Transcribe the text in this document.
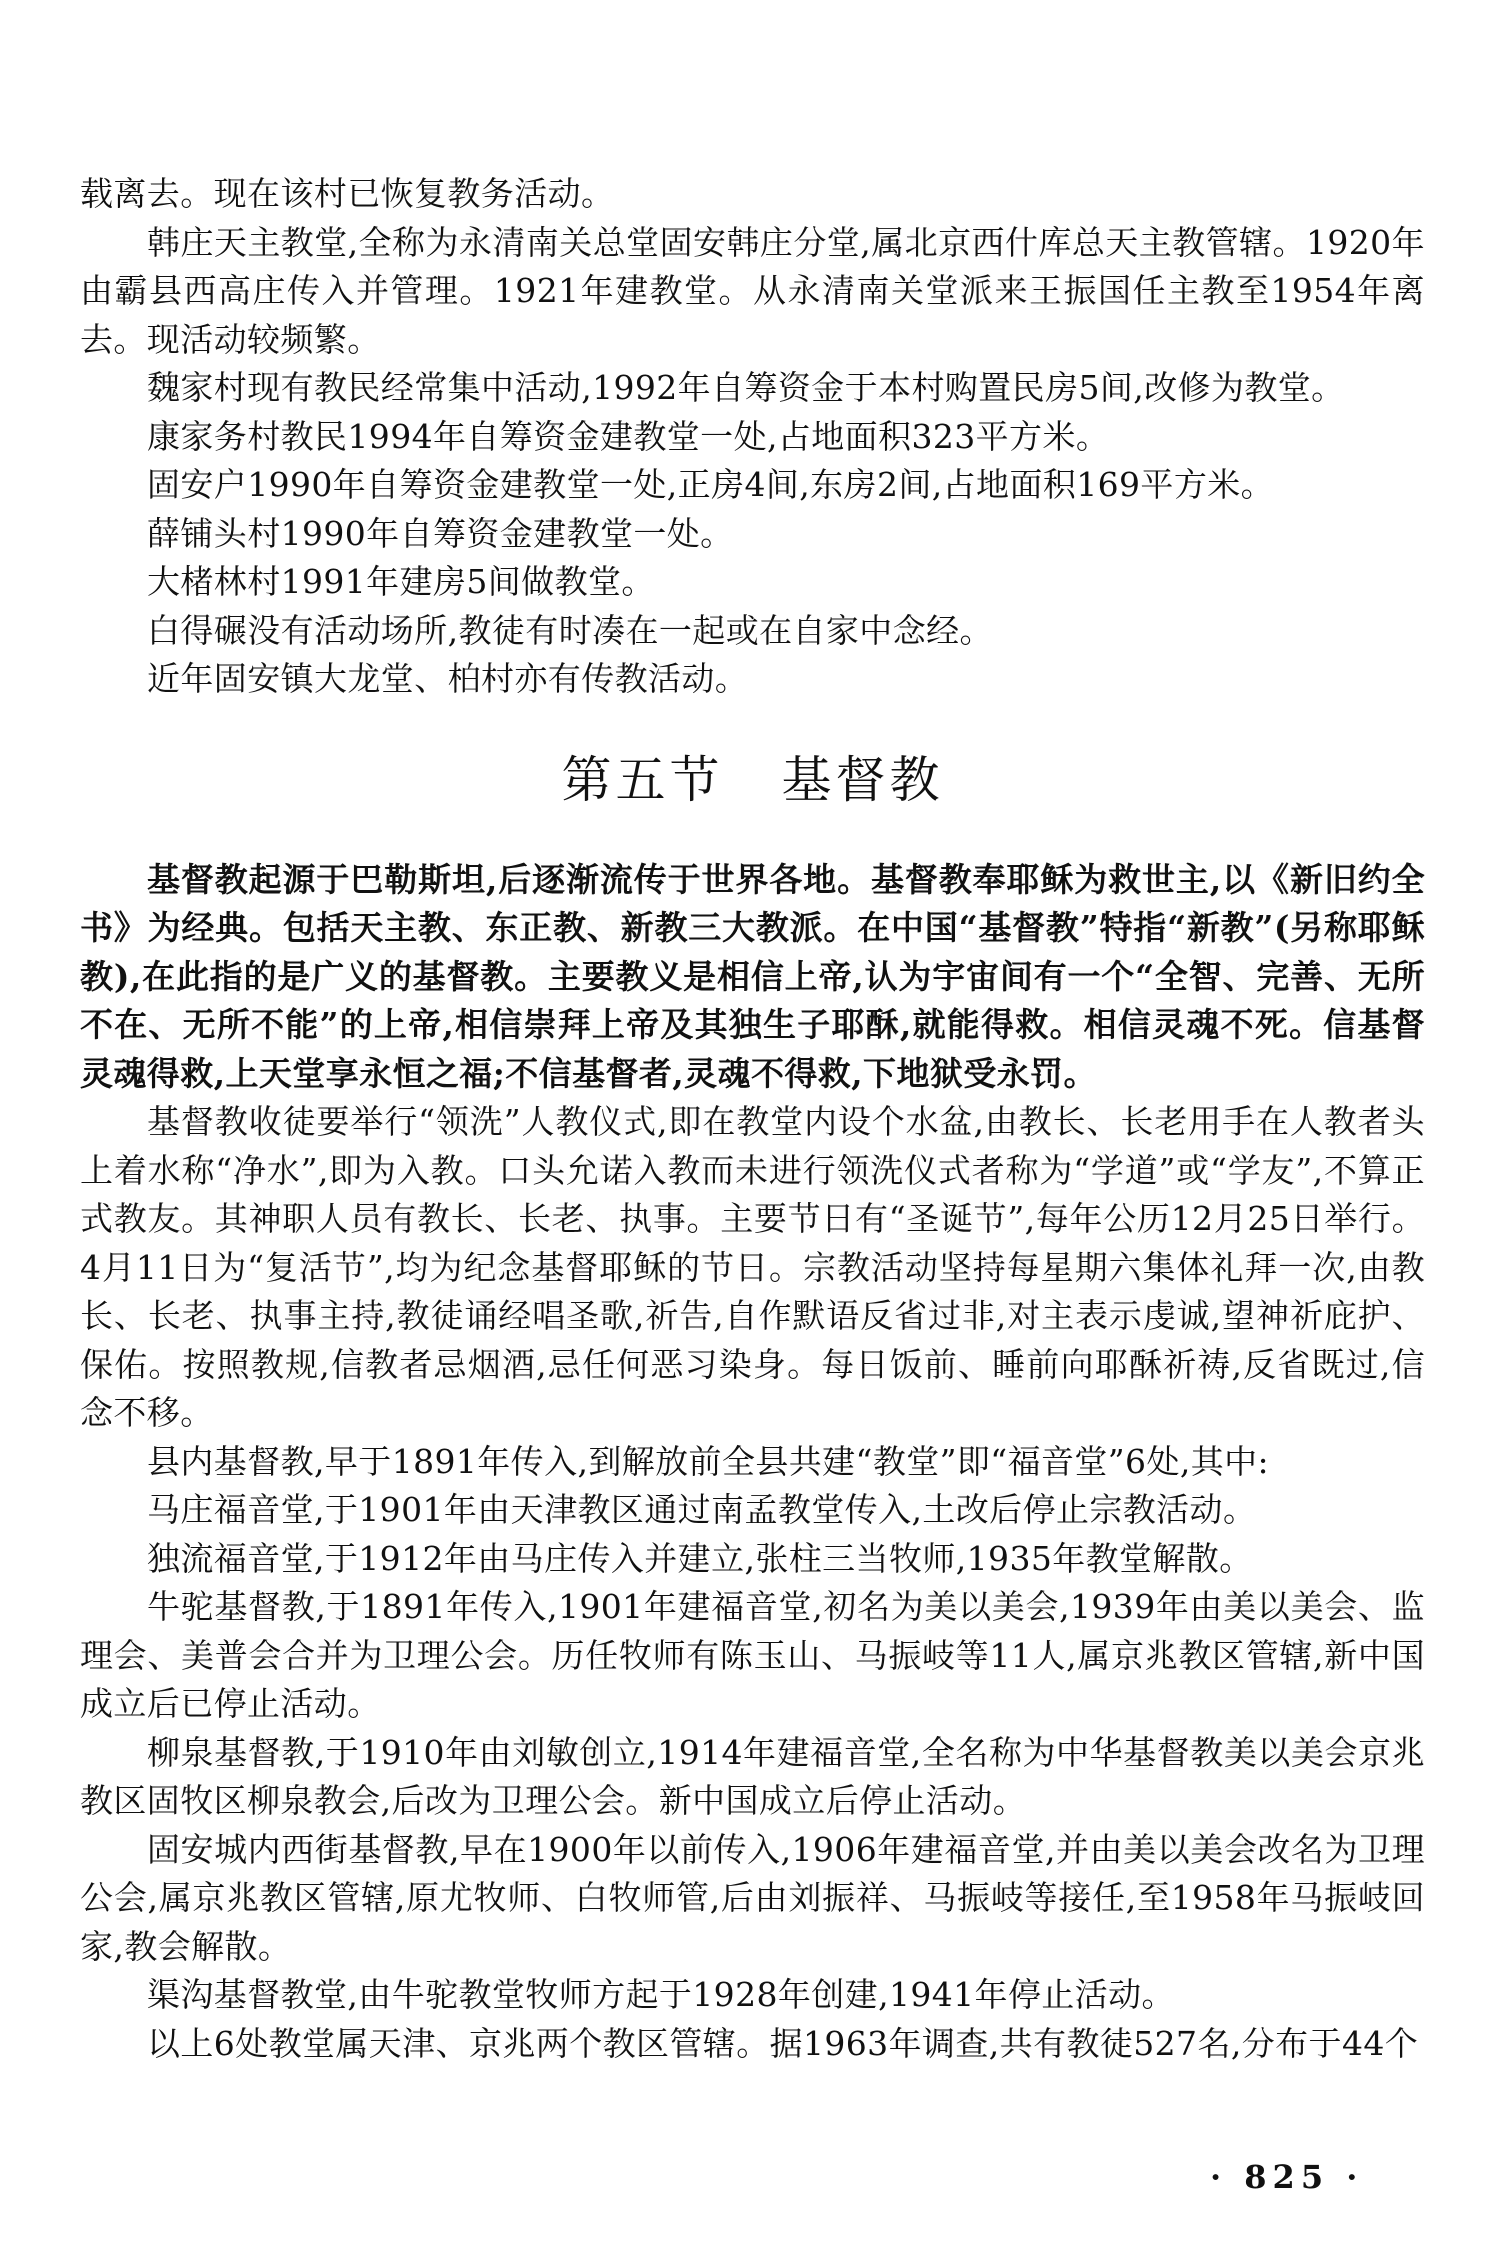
载离去。现在该村已恢复教务活动。

韩庄天主教堂,全称为永清南关总堂固安韩庄分堂,属北京西什库总天主教管辖。1920年由霸县西高庄传入并管理。1921年建教堂。从永清南关堂派来王振国任主教至1954年离去。现活动较频繁。

魏家村现有教民经常集中活动,1992年自筹资金于本村购置民房5间,改修为教堂。

康家务村教民1994年自筹资金建教堂一处,占地面积323平方米。

固安户1990年自筹资金建教堂一处,正房4间,东房2间,占地面积169平方米。

薛铺头村1990年自筹资金建教堂一处。

大楮林村1991年建房5间做教堂。

白得碾没有活动场所,教徒有时凑在一起或在自家中念经。

近年固安镇大龙堂、柏村亦有传教活动。

第五节 基督教

基督教起源于巴勒斯坦,后逐渐流传于世界各地。基督教奉耶稣为救世主,以《新旧约全书》为经典。包括天主教、东正教、新教三大教派。在中国“基督教”特指“新教”(另称耶稣教),在此指的是广义的基督教。主要教义是相信上帝,认为宇宙间有一个“全智、完善、无所不在、无所不能”的上帝,相信崇拜上帝及其独生子耶酥,就能得救。相信灵魂不死。信基督灵魂得救,上天堂享永恒之福;不信基督者,灵魂不得救,下地狱受永罚。

基督教收徒要举行“领洗”人教仪式,即在教堂内设个水盆,由教长、长老用手在人教者头上着水称“净水”,即为入教。口头允诺入教而未进行领洗仪式者称为“学道”或“学友”,不算正式教友。其神职人员有教长、长老、执事。主要节日有“圣诞节”,每年公历12月25日举行。4月11日为“复活节”,均为纪念基督耶稣的节日。宗教活动坚持每星期六集体礼拜一次,由教长、长老、执事主持,教徒诵经唱圣歌,祈告,自作默语反省过非,对主表示虔诚,望神祈庇护、保佑。按照教规,信教者忌烟酒,忌任何恶习染身。每日饭前、睡前向耶酥祈祷,反省既过,信念不移。

县内基督教,早于1891年传入,到解放前全县共建“教堂”即“福音堂”6处,其中:

马庄福音堂,于1901年由天津教区通过南孟教堂传入,土改后停止宗教活动。

独流福音堂,于1912年由马庄传入并建立,张柱三当牧师,1935年教堂解散。

牛驼基督教,于1891年传入,1901年建福音堂,初名为美以美会,1939年由美以美会、监理会、美普会合并为卫理公会。历任牧师有陈玉山、马振岐等11人,属京兆教区管辖,新中国成立后已停止活动。

柳泉基督教,于1910年由刘敏创立,1914年建福音堂,全名称为中华基督教美以美会京兆教区固牧区柳泉教会,后改为卫理公会。新中国成立后停止活动。

固安城内西街基督教,早在1900年以前传入,1906年建福音堂,并由美以美会改名为卫理公会,属京兆教区管辖,原尤牧师、白牧师管,后由刘振祥、马振岐等接任,至1958年马振岐回家,教会解散。

渠沟基督教堂,由牛驼教堂牧师方起于1928年创建,1941年停止活动。

以上6处教堂属天津、京兆两个教区管辖。据1963年调查,共有教徒527名,分布于44个

· 825 ·
